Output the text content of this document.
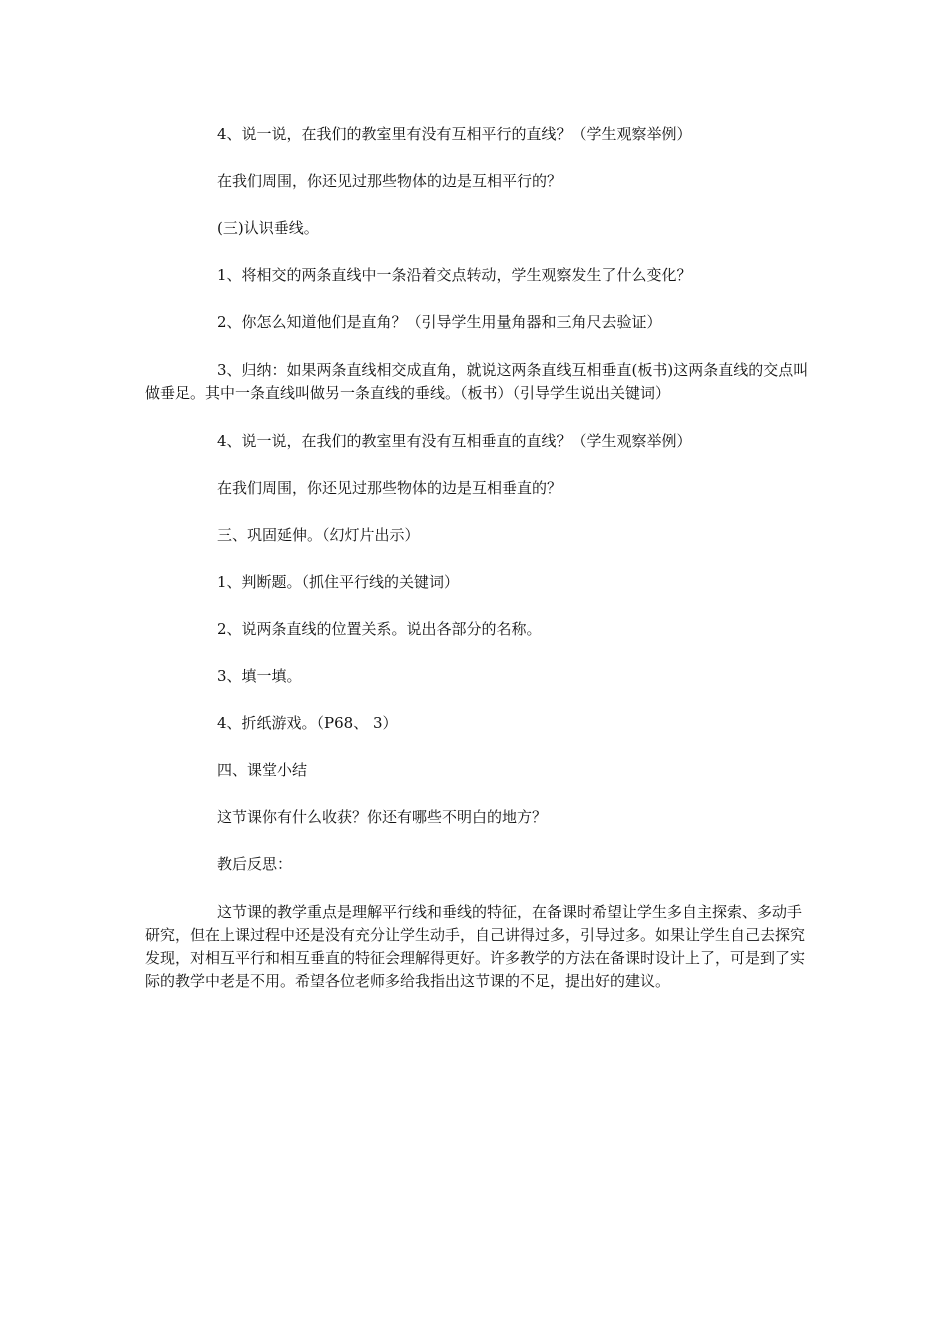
4、说一说，在我们的教室里有没有互相平行的直线？（学生观察举例）

在我们周围，你还见过那些物体的边是互相平行的？

(三)认识垂线。

1、将相交的两条直线中一条沿着交点转动，学生观察发生了什么变化？

2、你怎么知道他们是直角？（引导学生用量角器和三角尺去验证）

3、归纳：如果两条直线相交成直角，就说这两条直线互相垂直(板书)这两条直线的交点叫做垂足。其中一条直线叫做另一条直线的垂线。（板书）（引导学生说出关键词）

4、说一说，在我们的教室里有没有互相垂直的直线？（学生观察举例）

在我们周围，你还见过那些物体的边是互相垂直的？

三、巩固延伸。（幻灯片出示）

1、判断题。（抓住平行线的关键词）

2、说两条直线的位置关系。说出各部分的名称。

3、填一填。

4、折纸游戏。（P68、 3）

四、课堂小结

这节课你有什么收获？你还有哪些不明白的地方？

教后反思：

这节课的教学重点是理解平行线和垂线的特征，在备课时希望让学生多自主探索、多动手研究，但在上课过程中还是没有充分让学生动手，自己讲得过多，引导过多。如果让学生自己去探究发现，对相互平行和相互垂直的特征会理解得更好。许多教学的方法在备课时设计上了，可是到了实际的教学中老是不用。希望各位老师多给我指出这节课的不足，提出好的建议。
